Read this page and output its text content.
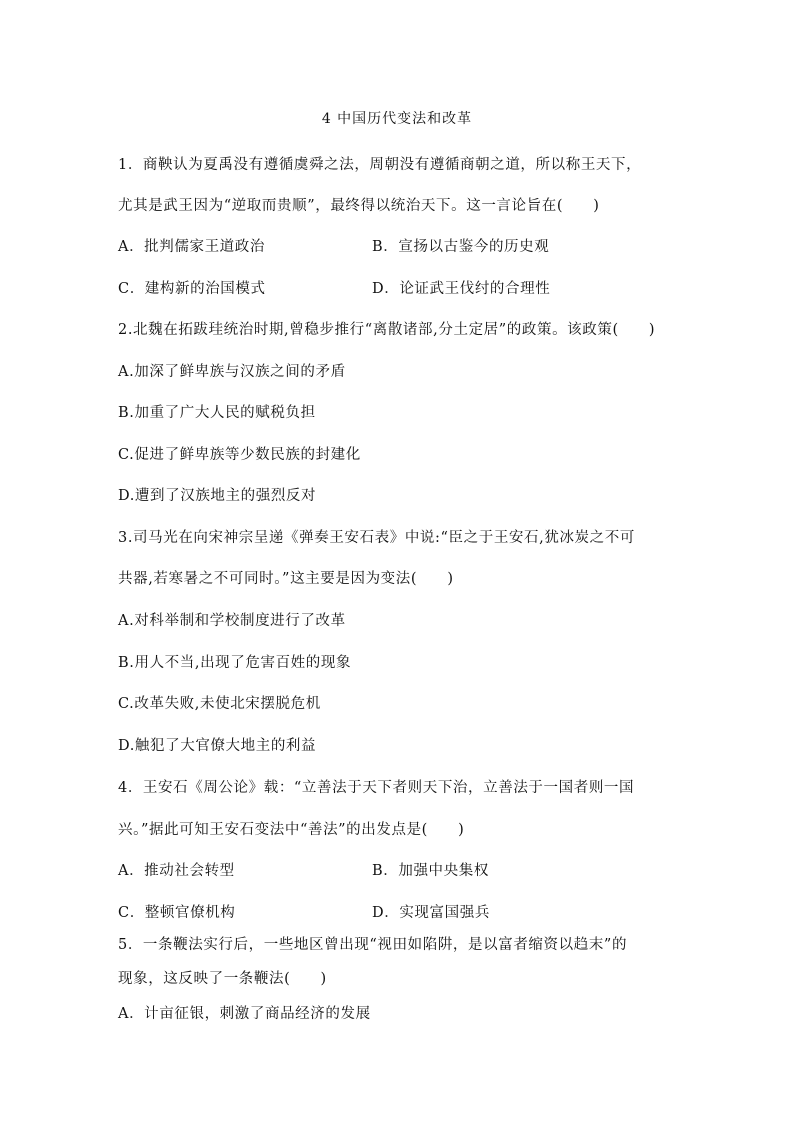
4 中国历代变法和改革
1．商鞅认为夏禹没有遵循虞舜之法，周朝没有遵循商朝之道，所以称王天下，
尤其是武王因为“逆取而贵顺”，最终得以统治天下。这一言论旨在(　　)
A．批判儒家王道政治	B．宣扬以古鉴今的历史观
C．建构新的治国模式	D．论证武王伐纣的合理性
2.北魏在拓跋珪统治时期,曾稳步推行“离散诸部,分土定居”的政策。该政策(　　)
A.加深了鲜卑族与汉族之间的矛盾
B.加重了广大人民的赋税负担
C.促进了鲜卑族等少数民族的封建化
D.遭到了汉族地主的强烈反对
3.司马光在向宋神宗呈递《弹奏王安石表》中说:“臣之于王安石,犹冰炭之不可
共器,若寒暑之不可同时。”这主要是因为变法(　　)
A.对科举制和学校制度进行了改革
B.用人不当,出现了危害百姓的现象
C.改革失败,未使北宋摆脱危机
D.触犯了大官僚大地主的利益
4．王安石《周公论》载：“立善法于天下者则天下治，立善法于一国者则一国
兴。”据此可知王安石变法中“善法”的出发点是(　　)
A．推动社会转型	B．加强中央集权
C．整顿官僚机构	D．实现富国强兵
5．一条鞭法实行后，一些地区曾出现“视田如陷阱，是以富者缩资以趋末”的
现象，这反映了一条鞭法(　　)
A．计亩征银，刺激了商品经济的发展
